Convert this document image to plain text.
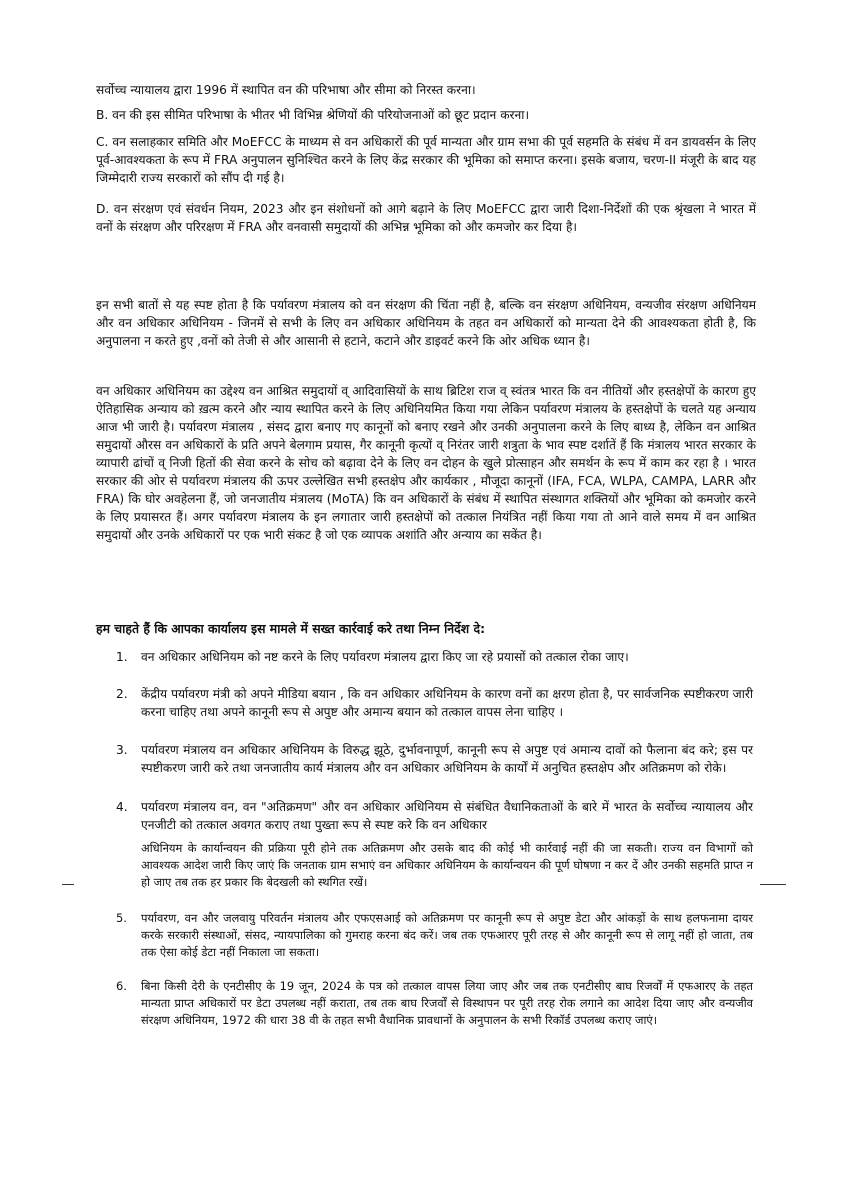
सर्वोच्च न्यायालय द्वारा 1996 में स्थापित वन की परिभाषा और सीमा को निरस्त करना।

B. वन की इस सीमित परिभाषा के भीतर भी विभिन्न श्रेणियों की परियोजनाओं को छूट प्रदान करना।

C. वन सलाहकार समिति और MoEFCC के माध्यम से वन अधिकारों की पूर्व मान्यता और ग्राम सभा की पूर्व सहमति के संबंध में वन डायवर्सन के लिए पूर्व-आवश्यकता के रूप में FRA अनुपालन सुनिश्चित करने के लिए केंद्र सरकार की भूमिका को समाप्त करना। इसके बजाय, चरण-II मंजूरी के बाद यह जिम्मेदारी राज्य सरकारों को सौंप दी गई है।

D. वन संरक्षण एवं संवर्धन नियम, 2023 और इन संशोधनों को आगे बढ़ाने के लिए MoEFCC द्वारा जारी दिशा-निर्देशों की एक श्रृंखला ने भारत में वनों के संरक्षण और परिरक्षण में FRA और वनवासी समुदायों की अभिन्न भूमिका को और कमजोर कर दिया है।

इन सभी बातों से यह स्पष्ट होता है कि पर्यावरण मंत्रालय को वन संरक्षण की चिंता नहीं है, बल्कि वन संरक्षण अधिनियम, वन्यजीव संरक्षण अधिनियम और वन अधिकार अधिनियम - जिनमें से सभी के लिए वन अधिकार अधिनियम के तहत वन अधिकारों को मान्यता देने की आवश्यकता होती है, कि अनुपालना न करते हुए ,वनों को तेजी से और आसानी से हटाने, कटाने और डाइवर्ट करने कि ओर अधिक ध्यान है।

वन अधिकार अधिनियम का उद्देश्य वन आश्रित समुदायों व् आदिवासियों के साथ ब्रिटिश राज व् स्वंतत्र भारत कि वन नीतियों और हस्तक्षेपों के कारण हुए ऐतिहासिक अन्याय को ख़त्म करने और न्याय स्थापित करने के लिए अधिनियमित किया गया लेकिन पर्यावरण मंत्रालय के हस्तक्षेपों के चलते यह अन्याय आज भी जारी है। पर्यावरण मंत्रालय , संसद द्वारा बनाए गए कानूनों को बनाए रखने और उनकी अनुपालना करने के लिए बाध्य है, लेकिन वन आश्रित समुदायों औरस वन अधिकारों के प्रति अपने बेलगाम प्रयास, गैर कानूनी कृत्यों व् निरंतर जारी शत्रुता के भाव स्पष्ट दर्शातें हैं कि मंत्रालय भारत सरकार के व्यापारी ढांचों व् निजी हितों की सेवा करने के सोच को बढ़ावा देने के लिए वन दोहन के खुले प्रोत्साहन और समर्थन के रूप में काम कर रहा है । भारत सरकार की ओर से पर्यावरण मंत्रालय की ऊपर उल्लेखित सभी हस्तक्षेप और कार्यकार , मौजूदा कानूनों (IFA, FCA, WLPA, CAMPA, LARR और FRA) कि घोर अवहेलना हैं, जो जनजातीय मंत्रालय (MoTA) कि वन अधिकारों के संबंध में स्थापित संस्थागत शक्तियों और भूमिका को कमजोर करने के लिए प्रयासरत हैं। अगर पर्यावरण मंत्रालय के इन लगातार जारी हस्तक्षेपों को तत्काल नियंत्रित नहीं किया गया तो आने वाले समय में वन आश्रित समुदायों और उनके अधिकारों पर एक भारी संकट है जो एक व्यापक अशांति और अन्याय का सकेंत है।

हम चाहते हैं कि आपका कार्यालय इस मामले में सख्त कार्रवाई करे तथा निम्न निर्देश दे:

1. वन अधिकार अधिनियम को नष्ट करने के लिए पर्यावरण मंत्रालय द्वारा किए जा रहे प्रयासों को तत्काल रोका जाए।
2. केंद्रीय पर्यावरण मंत्री को अपने मीडिया बयान , कि वन अधिकार अधिनियम के कारण वनों का क्षरण होता है, पर सार्वजनिक स्पष्टीकरण जारी करना चाहिए तथा अपने कानूनी रूप से अपुष्ट और अमान्य बयान को तत्काल वापस लेना चाहिए ।
3. पर्यावरण मंत्रालय वन अधिकार अधिनियम के विरुद्ध झूठे, दुर्भावनापूर्ण, कानूनी रूप से अपुष्ट एवं अमान्य दावों को फैलाना बंद करे; इस पर स्पष्टीकरण जारी करे तथा जनजातीय कार्य मंत्रालय और वन अधिकार अधिनियम के कार्यों में अनुचित हस्तक्षेप और अतिक्रमण को रोके।
4. पर्यावरण मंत्रालय वन, वन "अतिक्रमण" और वन अधिकार अधिनियम से संबंधित वैधानिकताओं के बारे में भारत के सर्वोच्च न्यायालय और एनजीटी को तत्काल अवगत कराए तथा पुख्ता रूप से स्पष्ट करे कि वन अधिकार

अधिनियम के कार्यान्वयन की प्रक्रिया पूरी होने तक अतिक्रमण और उसके बाद की कोई भी कार्रवाई नहीं की जा सकती। राज्य वन विभागों को आवश्यक आदेश जारी किए जाएं कि जनताक ग्राम सभाएं वन अधिकार अधिनियम के कार्यान्वयन की पूर्ण घोषणा न कर दें और उनकी सहमति प्राप्त न हो जाए तब तक हर प्रकार कि बेदखली को स्थगित रखें।

5. पर्यावरण, वन और जलवायु परिवर्तन मंत्रालय और एफएसआई को अतिक्रमण पर कानूनी रूप से अपुष्ट डेटा और आंकड़ों के साथ हलफनामा दायर करके सरकारी संस्थाओं, संसद, न्यायपालिका को गुमराह करना बंद करें। जब तक एफआरए पूरी तरह से और कानूनी रूप से लागू नहीं हो जाता, तब तक ऐसा कोई डेटा नहीं निकाला जा सकता।
6. बिना किसी देरी के एनटीसीए के 19 जून, 2024 के पत्र को तत्काल वापस लिया जाए और जब तक एनटीसीए बाघ रिजर्वों में एफआरए के तहत मान्यता प्राप्त अधिकारों पर डेटा उपलब्ध नहीं कराता, तब तक बाघ रिजर्वों से विस्थापन पर पूरी तरह रोक लगाने का आदेश दिया जाए और वन्यजीव संरक्षण अधिनियम, 1972 की धारा 38 वी के तहत सभी वैधानिक प्रावधानों के अनुपालन के सभी रिकॉर्ड उपलब्ध कराए जाएं।
